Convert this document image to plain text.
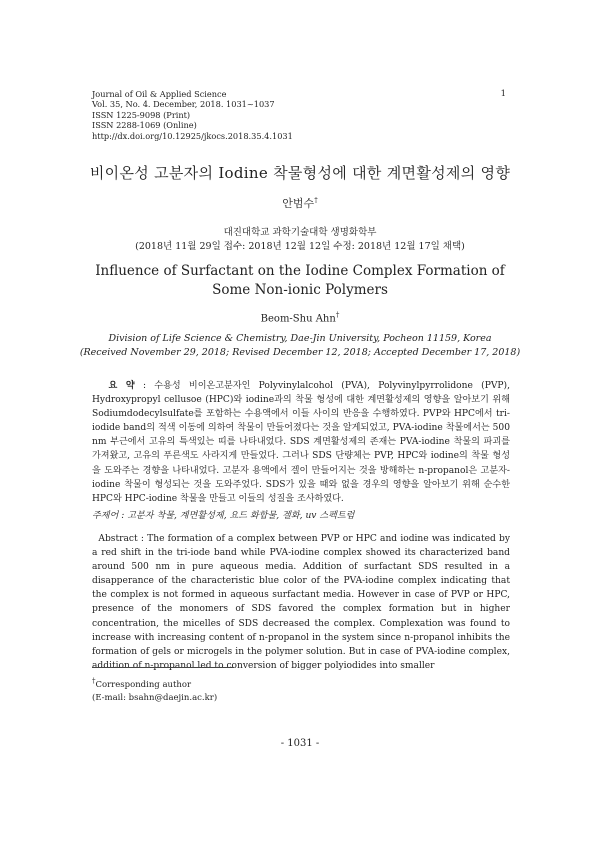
Journal of Oil & Applied Science
Vol. 35, No. 4. December, 2018. 1031~1037
ISSN 1225-9098 (Print)
ISSN 2288-1069 (Online)
http://dx.doi.org/10.12925/jkocs.2018.35.4.1031
1
비이온성 고분자의 Iodine 착물형성에 대한 계면활성제의 영향
안범수†
대진대학교 과학기술대학 생명화학부
(2018년 11월 29일 접수: 2018년 12월 12일 수정: 2018년 12월 17일 채택)
Influence of Surfactant on the Iodine Complex Formation of
Some Non-ionic Polymers
Beom-Shu Ahn†
Division of Life Science & Chemistry, Dae-Jin University, Pocheon 11159, Korea
(Received November 29, 2018; Revised December 12, 2018; Accepted December 17, 2018)
요 약 : 수용성 비이온고분자인 Polyvinylalcohol (PVA), Polyvinylpyrrolidone (PVP), Hydroxypropyl cellusoe (HPC)와 iodine과의 착물 형성에 대한 계면활성제의 영향을 알아보기 위해 Sodiumdodecylsulfate를 포함하는 수용액에서 이들 사이의 반응을 수행하였다. PVP와 HPC에서 tri-iodide band의 적색 이동에 의하여 착물이 만들어졌다는 것을 알게되었고, PVA-iodine 착물에서는 500 nm 부근에서 고유의 특색있는 띠를 나타내었다. SDS 계면활성제의 존재는 PVA-iodine 착물의 파괴를 가져왔고, 고유의 푸른색도 사라지게 만들었다. 그러나 SDS 단량체는 PVP, HPC와 iodine의 착물 형성을 도와주는 경향을 나타내었다. 고분자 용액에서 겔이 만들어지는 것을 방해하는 n-propanol은 고분자-iodine 착물이 형성되는 것을 도와주었다. SDS가 있을 때와 없을 경우의 영향을 알아보기 위해 순수한 HPC와 HPC-iodine 착물을 만들고 이들의 성질을 조사하였다.
주제어 : 고분자 착물, 계면활성제, 요드 화합물, 겔화, uv 스펙트럼
Abstract : The formation of a complex between PVP or HPC and iodine was indicated by a red shift in the tri-iode band while PVA-iodine complex showed its characterized band around 500 nm in pure aqueous media. Addition of surfactant SDS resulted in a disapperance of the characteristic blue color of the PVA-iodine complex indicating that the complex is not formed in aqueous surfactant media. However in case of PVP or HPC, presence of the monomers of SDS favored the complex formation but in higher concentration, the micelles of SDS decreased the complex. Complexation was found to increase with increasing content of n-propanol in the system since n-propanol inhibits the formation of gels or microgels in the polymer solution. But in case of PVA-iodine complex, addition of n-propanol led to conversion of bigger polyiodides into smaller
†Corresponding author
(E-mail: bsahn@daejin.ac.kr)
- 1031 -
